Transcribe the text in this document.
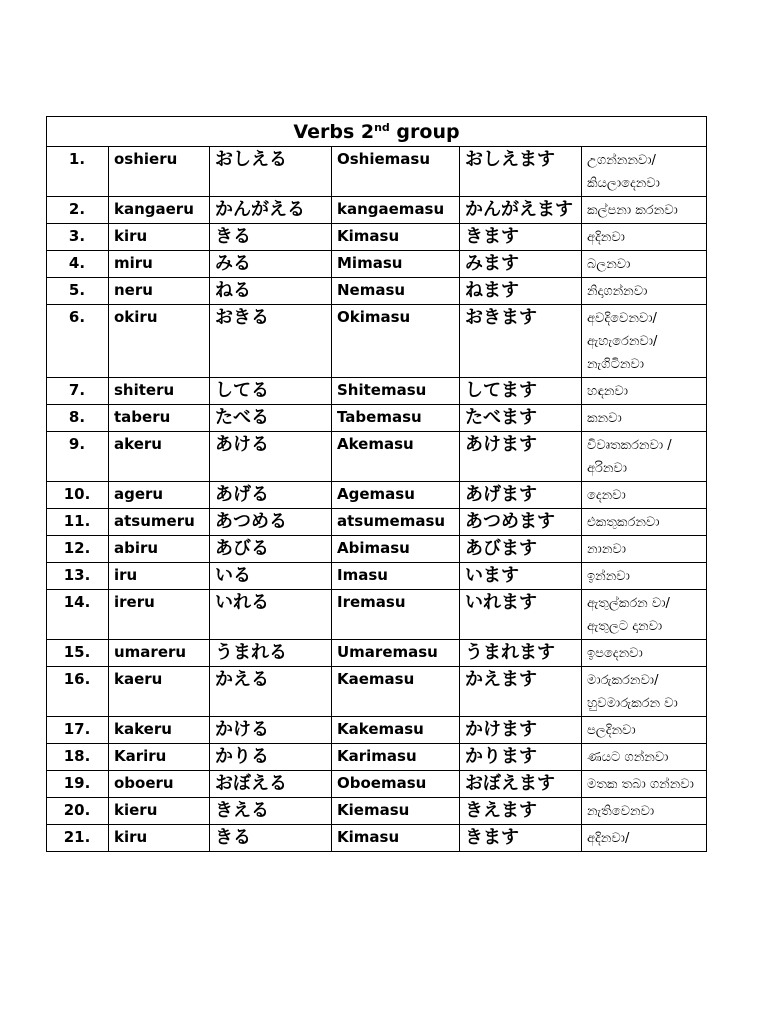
Verbs 2nd group					
1.	oshieru	おしえる	Oshiemasu	おしえます	උගන්නනවා/ කියලාදෙනවා
2.	kangaeru	かんがえる	kangaemasu	かんがえます	කල්පනා කරනවා
3.	kiru	きる	Kimasu	きます	අදිනවා
4.	miru	みる	Mimasu	みます	බලනවා
5.	neru	ねる	Nemasu	ねます	නිදාගන්නවා
6.	okiru	おきる	Okimasu	おきます	අවදිවෙනවා/ ඇහැරෙනවා/ නැගිටිනවා
7.	shiteru	してる	Shitemasu	してます	හඳනවා
8.	taberu	たべる	Tabemasu	たべます	කනවා
9.	akeru	あける	Akemasu	あけます	විවෘතකරනවා / අරිනවා
10.	ageru	あげる	Agemasu	あげます	දෙනවා
11.	atsumeru	あつめる	atsumemasu	あつめます	එකතුකරනවා
12.	abiru	あびる	Abimasu	あびます	නානවා
13.	iru	いる	Imasu	います	ඉන්නවා
14.	ireru	いれる	Iremasu	いれます	ඇතුල්කරන වා/ඇතුලට දානවා
15.	umareru	うまれる	Umaremasu	うまれます	ඉපදෙනවා
16.	kaeru	かえる	Kaemasu	かえます	මාරුකරනවා/ හුවමාරුකරන වා
17.	kakeru	かける	Kakemasu	かけます	පලදිනවා
18.	Kariru	かりる	Karimasu	かります	ණයට ගන්නවා
19.	oboeru	おぼえる	Oboemasu	おぼえます	මතක තබා ගන්නවා
20.	kieru	きえる	Kiemasu	きえます	නැතිවෙනවා
21.	kiru	きる	Kimasu	きます	අදිනවා/
